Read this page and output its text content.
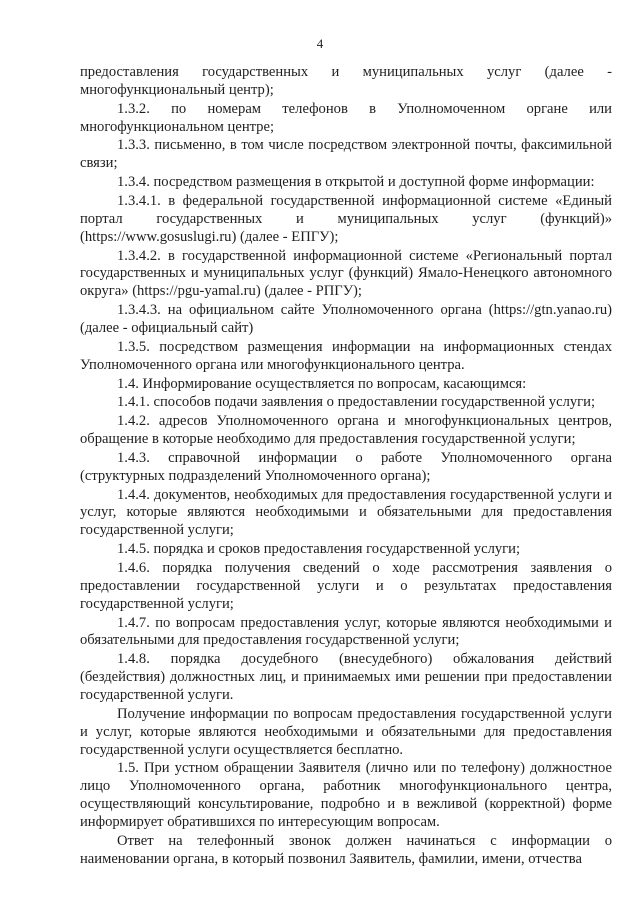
4

предоставления государственных и муниципальных услуг (далее - многофункциональный центр);

1.3.2. по номерам телефонов в Уполномоченном органе или многофункциональном центре;

1.3.3. письменно, в том числе посредством электронной почты, факсимильной связи;

1.3.4. посредством размещения в открытой и доступной форме информации:

1.3.4.1. в федеральной государственной информационной системе «Единый портал государственных и муниципальных услуг (функций)» (https://www.gosuslugi.ru) (далее - ЕПГУ);

1.3.4.2. в государственной информационной системе «Региональный портал государственных и муниципальных услуг (функций) Ямало-Ненецкого автономного округа» (https://pgu-yamal.ru) (далее - РПГУ);

1.3.4.3. на официальном сайте Уполномоченного органа (https://gtn.yanao.ru) (далее - официальный сайт)

1.3.5. посредством размещения информации на информационных стендах Уполномоченного органа или многофункционального центра.

1.4. Информирование осуществляется по вопросам, касающимся:

1.4.1. способов подачи заявления о предоставлении государственной услуги;

1.4.2. адресов Уполномоченного органа и многофункциональных центров, обращение в которые необходимо для предоставления государственной услуги;

1.4.3. справочной информации о работе Уполномоченного органа (структурных подразделений Уполномоченного органа);

1.4.4. документов, необходимых для предоставления государственной услуги и услуг, которые являются необходимыми и обязательными для предоставления государственной услуги;

1.4.5. порядка и сроков предоставления государственной услуги;

1.4.6. порядка получения сведений о ходе рассмотрения заявления о предоставлении государственной услуги и о результатах предоставления государственной услуги;

1.4.7. по вопросам предоставления услуг, которые являются необходимыми и обязательными для предоставления государственной услуги;

1.4.8. порядка досудебного (внесудебного) обжалования действий (бездействия) должностных лиц, и принимаемых ими решении при предоставлении государственной услуги.

Получение информации по вопросам предоставления государственной услуги и услуг, которые являются необходимыми и обязательными для предоставления государственной услуги осуществляется бесплатно.

1.5. При устном обращении Заявителя (лично или по телефону) должностное лицо Уполномоченного органа, работник многофункционального центра, осуществляющий консультирование, подробно и в вежливой (корректной) форме информирует обратившихся по интересующим вопросам.

Ответ на телефонный звонок должен начинаться с информации о наименовании органа, в который позвонил Заявитель, фамилии, имени, отчества
